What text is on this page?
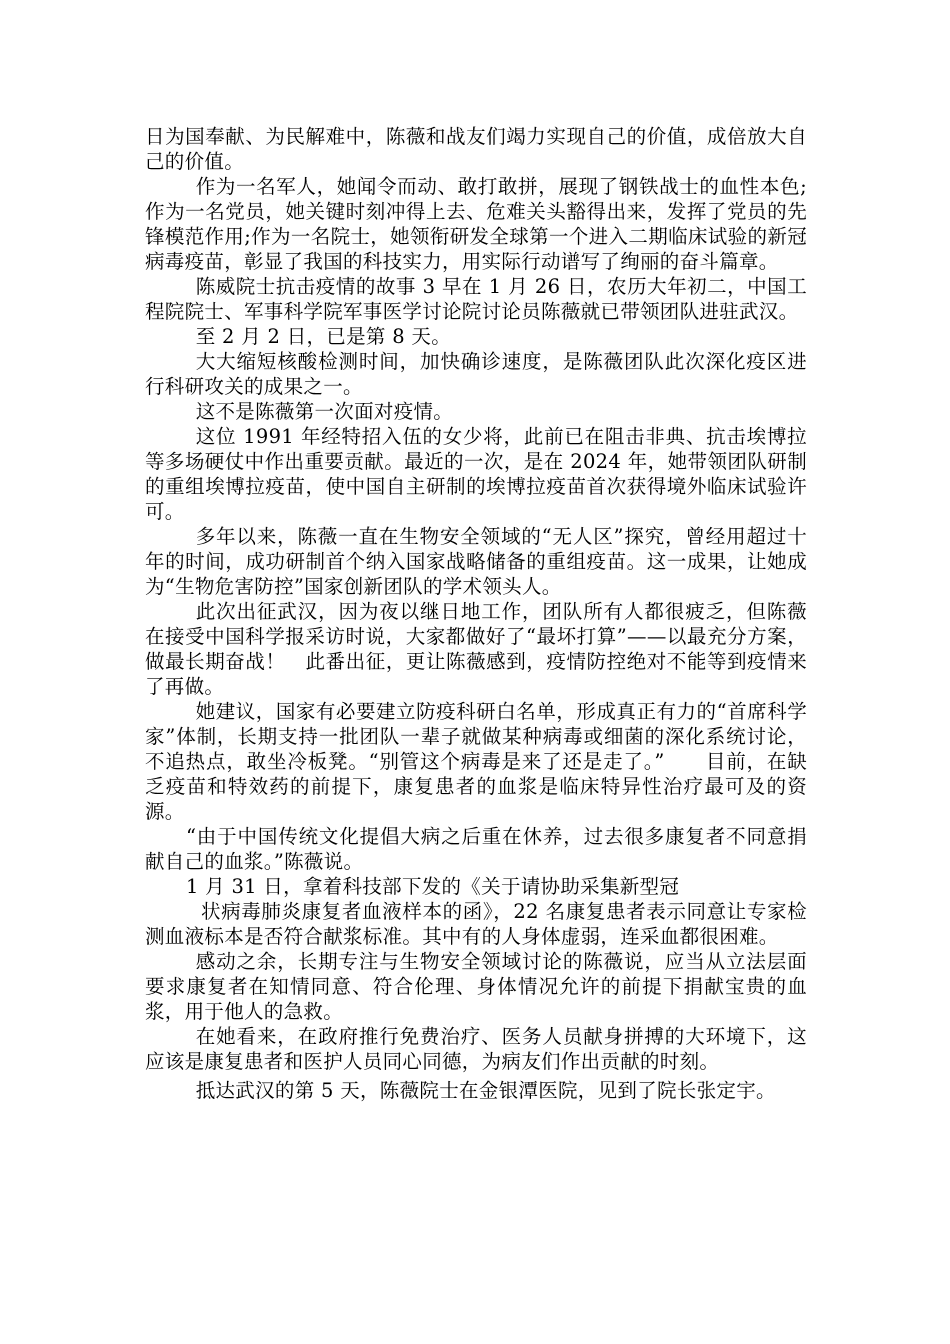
日为国奉献、为民解难中，陈薇和战友们竭力实现自己的价值，成倍放大自己的价值。

作为一名军人，她闻令而动、敢打敢拼，展现了钢铁战士的血性本色;作为一名党员，她关键时刻冲得上去、危难关头豁得出来，发挥了党员的先锋模范作用;作为一名院士，她领衔研发全球第一个进入二期临床试验的新冠病毒疫苗，彰显了我国的科技实力，用实际行动谱写了绚丽的奋斗篇章。

陈威院士抗击疫情的故事 3 早在 1 月 26 日，农历大年初二，中国工程院院士、军事科学院军事医学讨论院讨论员陈薇就已带领团队进驻武汉。

至 2 月 2 日，已是第 8 天。

大大缩短核酸检测时间，加快确诊速度，是陈薇团队此次深化疫区进行科研攻关的成果之一。

这不是陈薇第一次面对疫情。

这位 1991 年经特招入伍的女少将，此前已在阻击非典、抗击埃博拉等多场硬仗中作出重要贡献。最近的一次，是在 2024 年，她带领团队研制的重组埃博拉疫苗，使中国自主研制的埃博拉疫苗首次获得境外临床试验许可。

多年以来，陈薇一直在生物安全领域的“无人区”探究，曾经用超过十年的时间，成功研制首个纳入国家战略储备的重组疫苗。这一成果，让她成为“生物危害防控”国家创新团队的学术领头人。

此次出征武汉，因为夜以继日地工作，团队所有人都很疲乏，但陈薇在接受中国科学报采访时说，大家都做好了“最坏打算”——以最充分方案，做最长期奋战！　此番出征，更让陈薇感到，疫情防控绝对不能等到疫情来了再做。

她建议，国家有必要建立防疫科研白名单，形成真正有力的“首席科学家”体制，长期支持一批团队一辈子就做某种病毒或细菌的深化系统讨论，不追热点，敢坐冷板凳。“别管这个病毒是来了还是走了。”　　目前，在缺乏疫苗和特效药的前提下，康复患者的血浆是临床特异性治疗最可及的资源。

“由于中国传统文化提倡大病之后重在休养，过去很多康复者不同意捐献自己的血浆。”陈薇说。

1 月 31 日，拿着科技部下发的《关于请协助采集新型冠

状病毒肺炎康复者血液样本的函》，22 名康复患者表示同意让专家检测血液标本是否符合献浆标准。其中有的人身体虚弱，连采血都很困难。

感动之余，长期专注与生物安全领域讨论的陈薇说，应当从立法层面要求康复者在知情同意、符合伦理、身体情况允许的前提下捐献宝贵的血浆，用于他人的急救。

在她看来，在政府推行免费治疗、医务人员献身拼搏的大环境下，这应该是康复患者和医护人员同心同德，为病友们作出贡献的时刻。

抵达武汉的第 5 天，陈薇院士在金银潭医院，见到了院长张定宇。
